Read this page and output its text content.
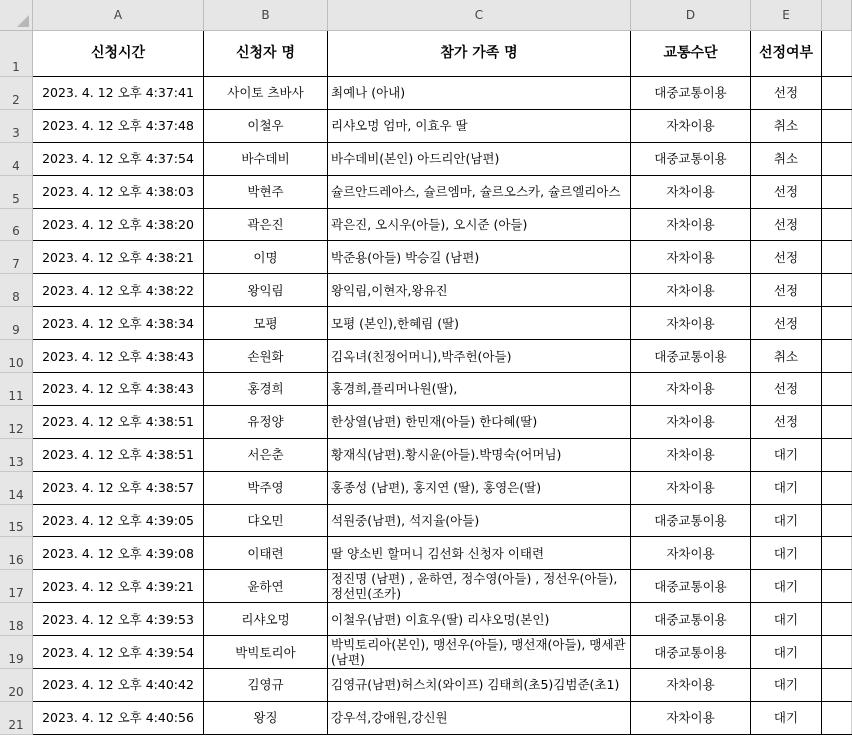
A	B	C	D	E
1
2
3
4
5
6
7
8
9
10
11
12
13
14
15
16
17
18
19
20
21
신청시간	신청자 명	참가 가족 명	교통수단	선정여부
2023. 4. 12 오후 4:37:41	사이토 츠바사	최예나 (아내)	대중교통이용	선정
2023. 4. 12 오후 4:37:48	이철우	리샤오멍 엄마, 이효우 딸	자차이용	취소
2023. 4. 12 오후 4:37:54	바수데비	바수데비(본인) 아드리안(남편)	대중교통이용	취소
2023. 4. 12 오후 4:38:03	박현주	슐르안드레아스, 슐르엠마, 슐르오스카, 슐르엘리아스	자차이용	선정
2023. 4. 12 오후 4:38:20	곽은진	곽은진, 오시우(아들), 오시준 (아들)	자차이용	선정
2023. 4. 12 오후 4:38:21	이명	박준용(아들) 박승길 (남편)	자차이용	선정
2023. 4. 12 오후 4:38:22	왕익림	왕익림,이현자,왕유진	자차이용	선정
2023. 4. 12 오후 4:38:34	모평	모평 (본인),한혜림 (딸)	자차이용	선정
2023. 4. 12 오후 4:38:43	손원화	김옥녀(친정어머니),박주헌(아들)	대중교통이용	취소
2023. 4. 12 오후 4:38:43	홍경희	홍경희,플리머나원(딸),	자차이용	선정
2023. 4. 12 오후 4:38:51	유정양	한상열(남편) 한민재(아들) 한다혜(딸)	자차이용	선정
2023. 4. 12 오후 4:38:51	서은춘	황재식(남편).황시윤(아들).박명숙(어머님)	자차이용	대기
2023. 4. 12 오후 4:38:57	박주영	홍종성 (남편), 홍지연 (딸), 홍영은(딸)	자차이용	대기
2023. 4. 12 오후 4:39:05	댜오민	석원중(남편), 석지율(아들)	대중교통이용	대기
2023. 4. 12 오후 4:39:08	이태련	딸 양소빈 할머니 김선화 신청자 이태련	자차이용	대기
2023. 4. 12 오후 4:39:21	윤하연	정진명 (남편) , 윤하연, 정수영(아들) , 정선우(아들), 정선민(조카)	대중교통이용	대기
2023. 4. 12 오후 4:39:53	리샤오멍	이철우(남편) 이효우(딸) 리샤오멍(본인)	대중교통이용	대기
2023. 4. 12 오후 4:39:54	박빅토리아	박빅토리아(본인), 맹선우(아들), 맹선재(아들), 맹세관(남편)	대중교통이용	대기
2023. 4. 12 오후 4:40:42	김영규	김영규(남편)허스치(와이프) 김태희(초5)김범준(초1)	자차이용	대기
2023. 4. 12 오후 4:40:56	왕징	강우석,강애원,강신원	자차이용	대기
